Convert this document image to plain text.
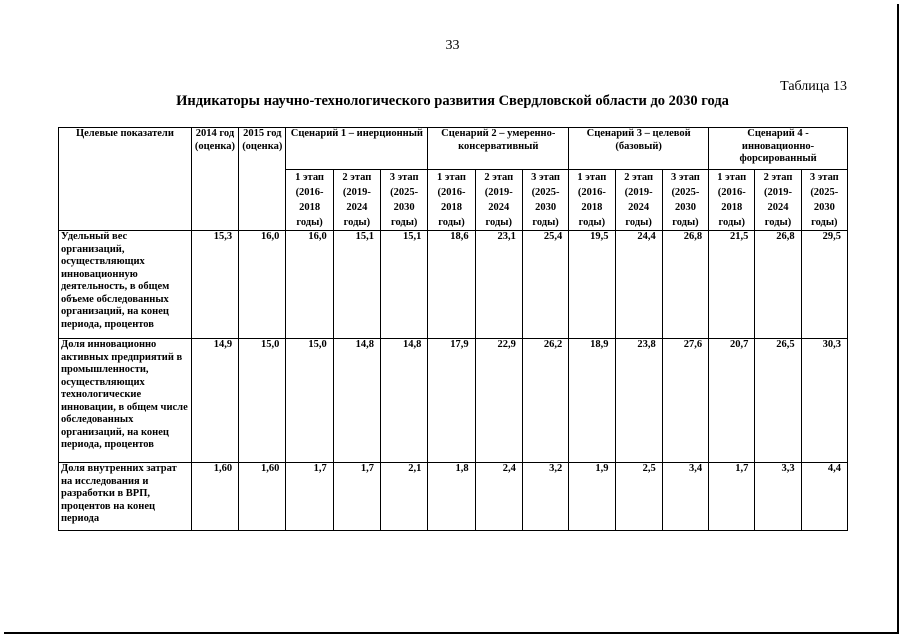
33
Таблица 13
Индикаторы научно-технологического развития Свердловской области до 2030 года
Целевые показатели	2014 год (оценка)	2015 год (оценка)	Сценарий 1 – инерционный			Сценарий 2 – умеренно-консервативный			Сценарий 3 – целевой (базовый)			Сценарий 4 - инновационно-форсированный		
			1 этап (2016-2018 годы)	2 этап (2019-2024 годы)	3 этап (2025-2030 годы)	1 этап (2016-2018 годы)	2 этап (2019-2024 годы)	3 этап (2025-2030 годы)	1 этап (2016-2018 годы)	2 этап (2019-2024 годы)	3 этап (2025-2030 годы)	1 этап (2016-2018 годы)	2 этап (2019-2024 годы)	3 этап (2025-2030 годы)
Удельный вес организаций, осуществляющих инновационную деятельность, в общем объеме обследованных организаций, на конец периода, процентов	15,3	16,0	16,0	15,1	15,1	18,6	23,1	25,4	19,5	24,4	26,8	21,5	26,8	29,5
Доля инновационно активных предприятий в промышленности, осуществляющих технологические инновации, в общем числе обследованных организаций, на конец периода, процентов	14,9	15,0	15,0	14,8	14,8	17,9	22,9	26,2	18,9	23,8	27,6	20,7	26,5	30,3
Доля внутренних затрат на исследования и разработки в ВРП, процентов на конец периода	1,60	1,60	1,7	1,7	2,1	1,8	2,4	3,2	1,9	2,5	3,4	1,7	3,3	4,4
